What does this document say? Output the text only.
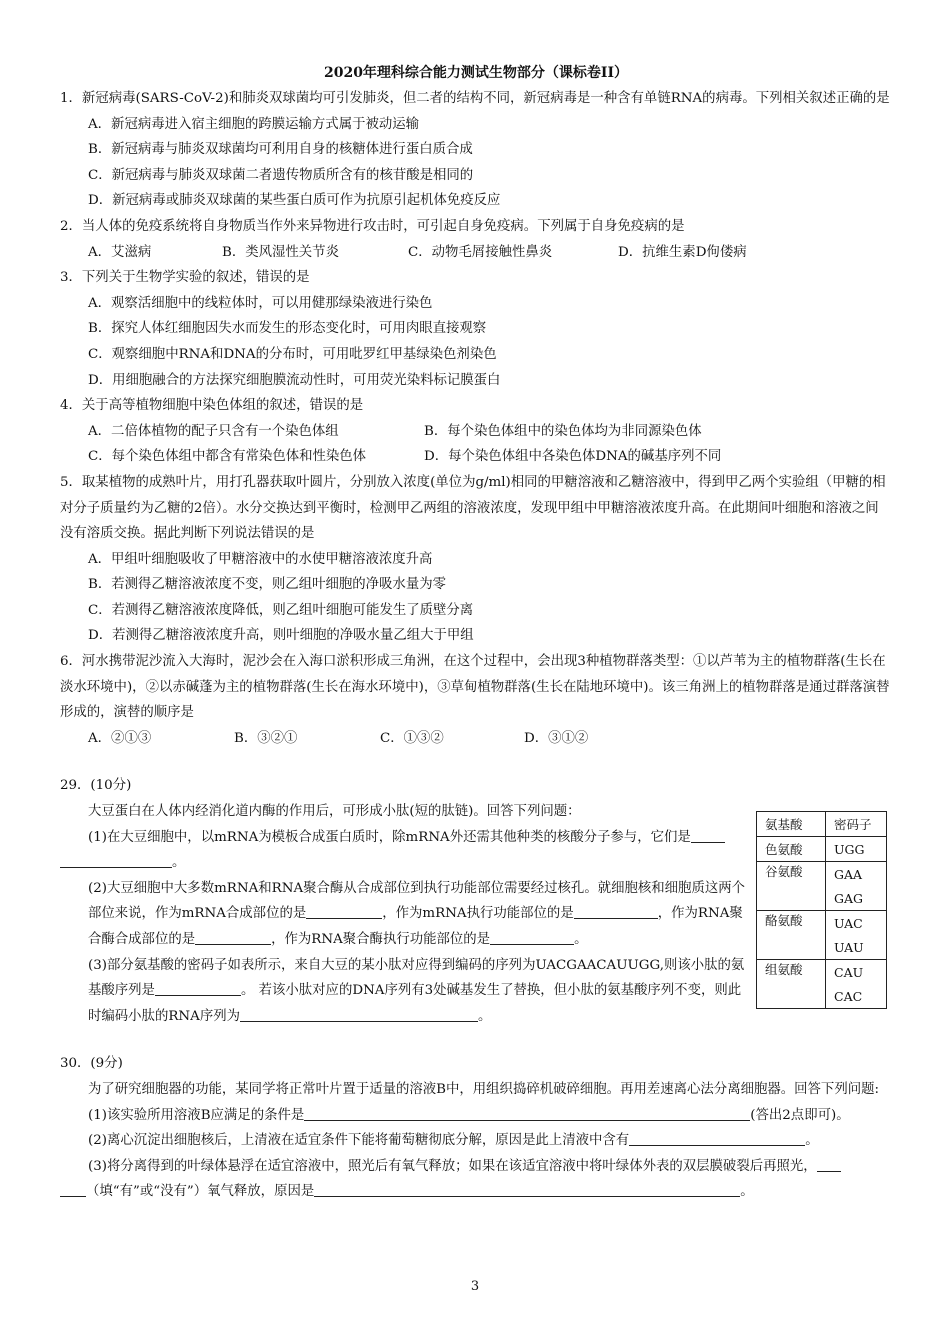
2020年理科综合能力测试生物部分（课标卷II）

1．新冠病毒(SARS-CoV-2)和肺炎双球菌均可引发肺炎，但二者的结构不同，新冠病毒是一种含有单链RNA的病毒。下列相关叙述正确的是

A．新冠病毒进入宿主细胞的跨膜运输方式属于被动运输

B．新冠病毒与肺炎双球菌均可利用自身的核糖体进行蛋白质合成

C．新冠病毒与肺炎双球菌二者遗传物质所含有的核苷酸是相同的

D．新冠病毒或肺炎双球菌的某些蛋白质可作为抗原引起机体免疫反应

2．当人体的免疫系统将自身物质当作外来异物进行攻击时，可引起自身免疫病。下列属于自身免疫病的是

A．艾滋病	B．类风湿性关节炎	C．动物毛屑接触性鼻炎	D．抗维生素D佝偻病

3．下列关于生物学实验的叙述，错误的是

A．观察活细胞中的线粒体时，可以用健那绿染液进行染色

B．探究人体红细胞因失水而发生的形态变化时，可用肉眼直接观察

C．观察细胞中RNA和DNA的分布时，可用吡罗红甲基绿染色剂染色

D．用细胞融合的方法探究细胞膜流动性时，可用荧光染料标记膜蛋白

4．关于高等植物细胞中染色体组的叙述，错误的是

A．二倍体植物的配子只含有一个染色体组	B．每个染色体组中的染色体均为非同源染色体
C．每个染色体组中都含有常染色体和性染色体	D．每个染色体组中各染色体DNA的碱基序列不同

5．取某植物的成熟叶片，用打孔器获取叶圆片，分别放入浓度(单位为g/ml)相同的甲糖溶液和乙糖溶液中，得到甲乙两个实验组（甲糖的相对分子质量约为乙糖的2倍）。水分交换达到平衡时，检测甲乙两组的溶液浓度，发现甲组中甲糖溶液浓度升高。在此期间叶细胞和溶液之间没有溶质交换。据此判断下列说法错误的是

A．甲组叶细胞吸收了甲糖溶液中的水使甲糖溶液浓度升高

B．若测得乙糖溶液浓度不变，则乙组叶细胞的净吸水量为零

C．若测得乙糖溶液浓度降低，则乙组叶细胞可能发生了质壁分离

D．若测得乙糖溶液浓度升高，则叶细胞的净吸水量乙组大于甲组

6．河水携带泥沙流入大海时，泥沙会在入海口淤积形成三角洲，在这个过程中，会出现3种植物群落类型：①以芦苇为主的植物群落(生长在淡水环境中)，②以赤碱蓬为主的植物群落(生长在海水环境中)，③草甸植物群落(生长在陆地环境中)。该三角洲上的植物群落是通过群落演替形成的，演替的顺序是

A．②①③	B．③②①	C．①③②	D．③①②

29．(10分)

大豆蛋白在人体内经消化道内酶的作用后，可形成小肽(短的肽链)。回答下列问题：

(1)在大豆细胞中，以mRNA为模板合成蛋白质时，除mRNA外还需其他种类的核酸分子参与，它们是
。

(2)大豆细胞中大多数mRNA和RNA聚合酶从合成部位到执行功能部位需要经过核孔。就细胞核和细胞质这两个部位来说，作为mRNA合成部位的是	，作为mRNA执行功能部位的是	，作为RNA聚合酶合成部位的是	，作为RNA聚合酶执行功能部位的是	。

(3)部分氨基酸的密码子如表所示，来自大豆的某小肽对应得到编码的序列为UACGAACAUUGG,则该小肽的氨基酸序列是	。 若该小肽对应的DNA序列有3处碱基发生了替换，但小肽的氨基酸序列不变，则此时编码小肽的RNA序列为	。

氨基酸	密码子
色氨酸	UGG
谷氨酸	GAA
	GAG
酪氨酸	UAC
	UAU
组氨酸	CAU
	CAC

30．(9分)

为了研究细胞器的功能，某同学将正常叶片置于适量的溶液B中，用组织捣碎机破碎细胞。再用差速离心法分离细胞器。回答下列问题:

(1)该实验所用溶液B应满足的条件是	(答出2点即可)。

(2)离心沉淀出细胞核后，上清液在适宜条件下能将葡萄糖彻底分解，原因是此上清液中含有	。

(3)将分离得到的叶绿体悬浮在适宜溶液中，照光后有氧气释放；如果在该适宜溶液中将叶绿体外表的双层膜破裂后再照光，
（填“有”或“没有”）氧气释放，原因是	。

3
